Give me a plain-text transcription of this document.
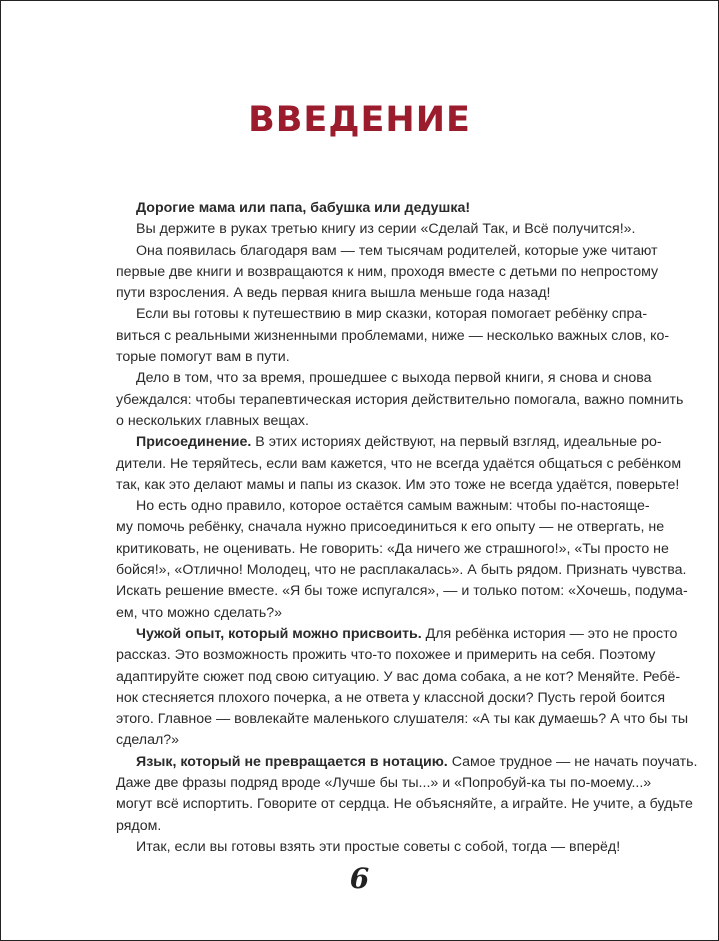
ВВЕДЕНИЕ
Дорогие мама или папа, бабушка или дедушка!
Вы держите в руках третью книгу из серии «Сделай Так, и Всё получится!».
Она появилась благодаря вам — тем тысячам родителей, которые уже читают
первые две книги и возвращаются к ним, проходя вместе с детьми по непростому
пути взросления. А ведь первая книга вышла меньше года назад!
Если вы готовы к путешествию в мир сказки, которая помогает ребёнку спра-
виться с реальными жизненными проблемами, ниже — несколько важных слов, ко-
торые помогут вам в пути.
Дело в том, что за время, прошедшее с выхода первой книги, я снова и снова
убеждался: чтобы терапевтическая история действительно помогала, важно помнить
о нескольких главных вещах.
Присоединение. В этих историях действуют, на первый взгляд, идеальные ро-
дители. Не теряйтесь, если вам кажется, что не всегда удаётся общаться с ребёнком
так, как это делают мамы и папы из сказок. Им это тоже не всегда удаётся, поверьте!
Но есть одно правило, которое остаётся самым важным: чтобы по-настояще-
му помочь ребёнку, сначала нужно присоединиться к его опыту — не отвергать, не
критиковать, не оценивать. Не говорить: «Да ничего же страшного!», «Ты просто не
бойся!», «Отлично! Молодец, что не расплакалась». А быть рядом. Признать чувства.
Искать решение вместе. «Я бы тоже испугался», — и только потом: «Хочешь, подума-
ем, что можно сделать?»
Чужой опыт, который можно присвоить. Для ребёнка история — это не просто
рассказ. Это возможность прожить что-то похожее и примерить на себя. Поэтому
адаптируйте сюжет под свою ситуацию. У вас дома собака, а не кот? Меняйте. Ребё-
нок стесняется плохого почерка, а не ответа у классной доски? Пусть герой боится
этого. Главное — вовлекайте маленького слушателя: «А ты как думаешь? А что бы ты
сделал?»
Язык, который не превращается в нотацию. Самое трудное — не начать поучать.
Даже две фразы подряд вроде «Лучше бы ты...» и «Попробуй-ка ты по-моему...»
могут всё испортить. Говорите от сердца. Не объясняйте, а играйте. Не учите, а будьте
рядом.
Итак, если вы готовы взять эти простые советы с собой, тогда — вперёд!
6
